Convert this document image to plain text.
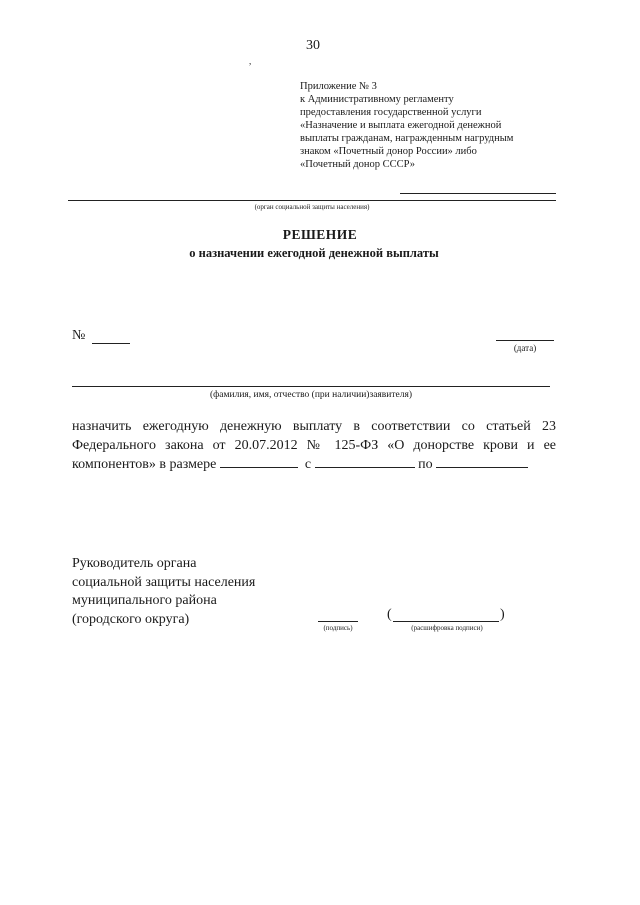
30
,
Приложение № 3
к Административному регламенту
предоставления государственной услуги
«Назначение и выплата ежегодной денежной
выплаты гражданам, награжденным нагрудным
знаком «Почетный донор России» либо
«Почетный донор СССР»
(орган социальной защиты населения)
РЕШЕНИЕ
о назначении ежегодной денежной выплаты
№
(дата)
(фамилия, имя, отчество (при наличии)заявителя)
назначить ежегодную денежную выплату в соответствии со статьей 23
Федерального закона от 20.07.2012 № 125-ФЗ «О донорстве крови и ее
компонентов» в размере	с	по
Руководитель органа
социальной защиты населения
муниципального района
(городского округа)
(подпись)
(	)
(расшифровка подписи)
